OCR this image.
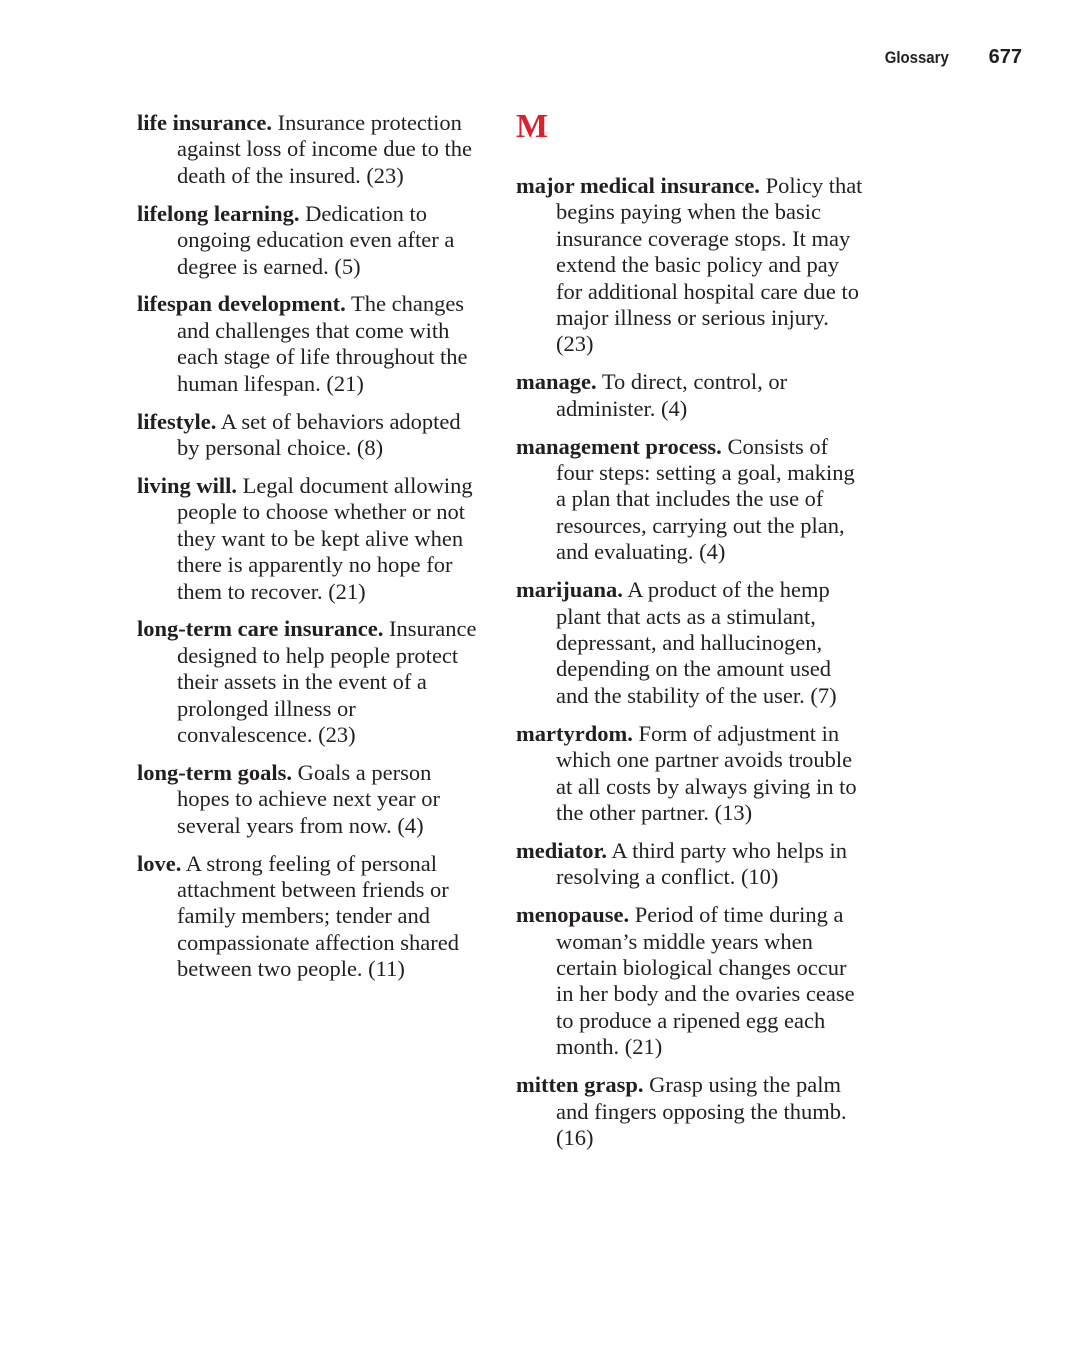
Glossary 677

life insurance. Insurance protection against loss of income due to the death of the insured. (23)

lifelong learning. Dedication to ongoing education even after a degree is earned. (5)

lifespan development. The changes and challenges that come with each stage of life throughout the human lifespan. (21)

lifestyle. A set of behaviors adopted by personal choice. (8)

living will. Legal document allowing people to choose whether or not they want to be kept alive when there is apparently no hope for them to recover. (21)

long-term care insurance. Insurance designed to help people protect their assets in the event of a prolonged illness or convalescence. (23)

long-term goals. Goals a person hopes to achieve next year or several years from now. (4)

love. A strong feeling of personal attachment between friends or family members; tender and compassionate affection shared between two people. (11)

M

major medical insurance. Policy that begins paying when the basic insurance coverage stops. It may extend the basic policy and pay for additional hospital care due to major illness or serious injury. (23)

manage. To direct, control, or administer. (4)

management process. Consists of four steps: setting a goal, making a plan that includes the use of resources, carrying out the plan, and evaluating. (4)

marijuana. A product of the hemp plant that acts as a stimulant, depressant, and hallucinogen, depending on the amount used and the stability of the user. (7)

martyrdom. Form of adjustment in which one partner avoids trouble at all costs by always giving in to the other partner. (13)

mediator. A third party who helps in resolving a conflict. (10)

menopause. Period of time during a woman’s middle years when certain biological changes occur in her body and the ovaries cease to produce a ripened egg each month. (21)

mitten grasp. Grasp using the palm and fingers opposing the thumb. (16)
